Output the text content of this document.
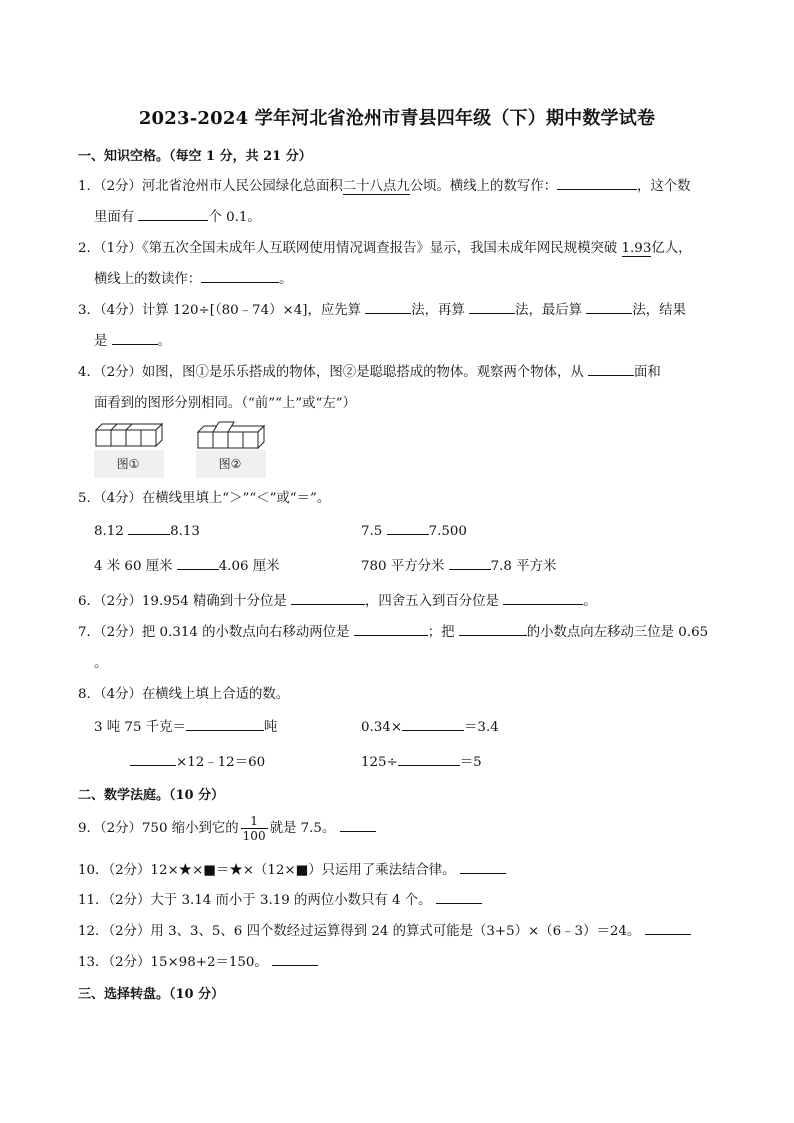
2023-2024 学年河北省沧州市青县四年级（下）期中数学试卷
一、知识空格。（每空 1 分，共 21 分）
1．（2分）河北省沧州市人民公园绿化总面积二十八点九公顷。横线上的数写作：	，这个数
里面有	个 0.1。
2．（1分）《第五次全国未成年人互联网使用情况调查报告》显示，我国未成年网民规模突破 1.93亿人，
横线上的数读作：	。
3．（4分）计算 120÷[（80﹣74）×4]，应先算	法，再算	法，最后算	法，结果
是	。
4．（2分）如图，图①是乐乐搭成的物体，图②是聪聪搭成的物体。观察两个物体，从	面和
面看到的图形分别相同。（“前”“上”或“左”）
图①	图②
5．（4分）在横线里填上“＞”“＜”或“＝”。
8.12	8.13	7.5	7.500
4 米 60 厘米	4.06 厘米	780 平方分米	7.8 平方米
6．（2分）19.954 精确到十分位是	，四舍五入到百分位是	。
7．（2分）把 0.314 的小数点向右移动两位是	；把	的小数点向左移动三位是 0.65
。
8．（4分）在横线上填上合适的数。
3 吨 75 千克＝	吨	0.34×	＝3.4
×12﹣12＝60	125÷	＝5
二、数学法庭。（10 分）
9．（2分）750 缩小到它的 $\frac{1}{100}$ 就是 7.5。
10．（2分）12×★×■＝★×（12×■）只运用了乘法结合律。
11．（2分）大于 3.14 而小于 3.19 的两位小数只有 4 个。
12．（2分）用 3、3、5、6 四个数经过运算得到 24 的算式可能是（3+5）×（6﹣3）＝24。
13．（2分）15×98+2＝150。
三、选择转盘。（10 分）
